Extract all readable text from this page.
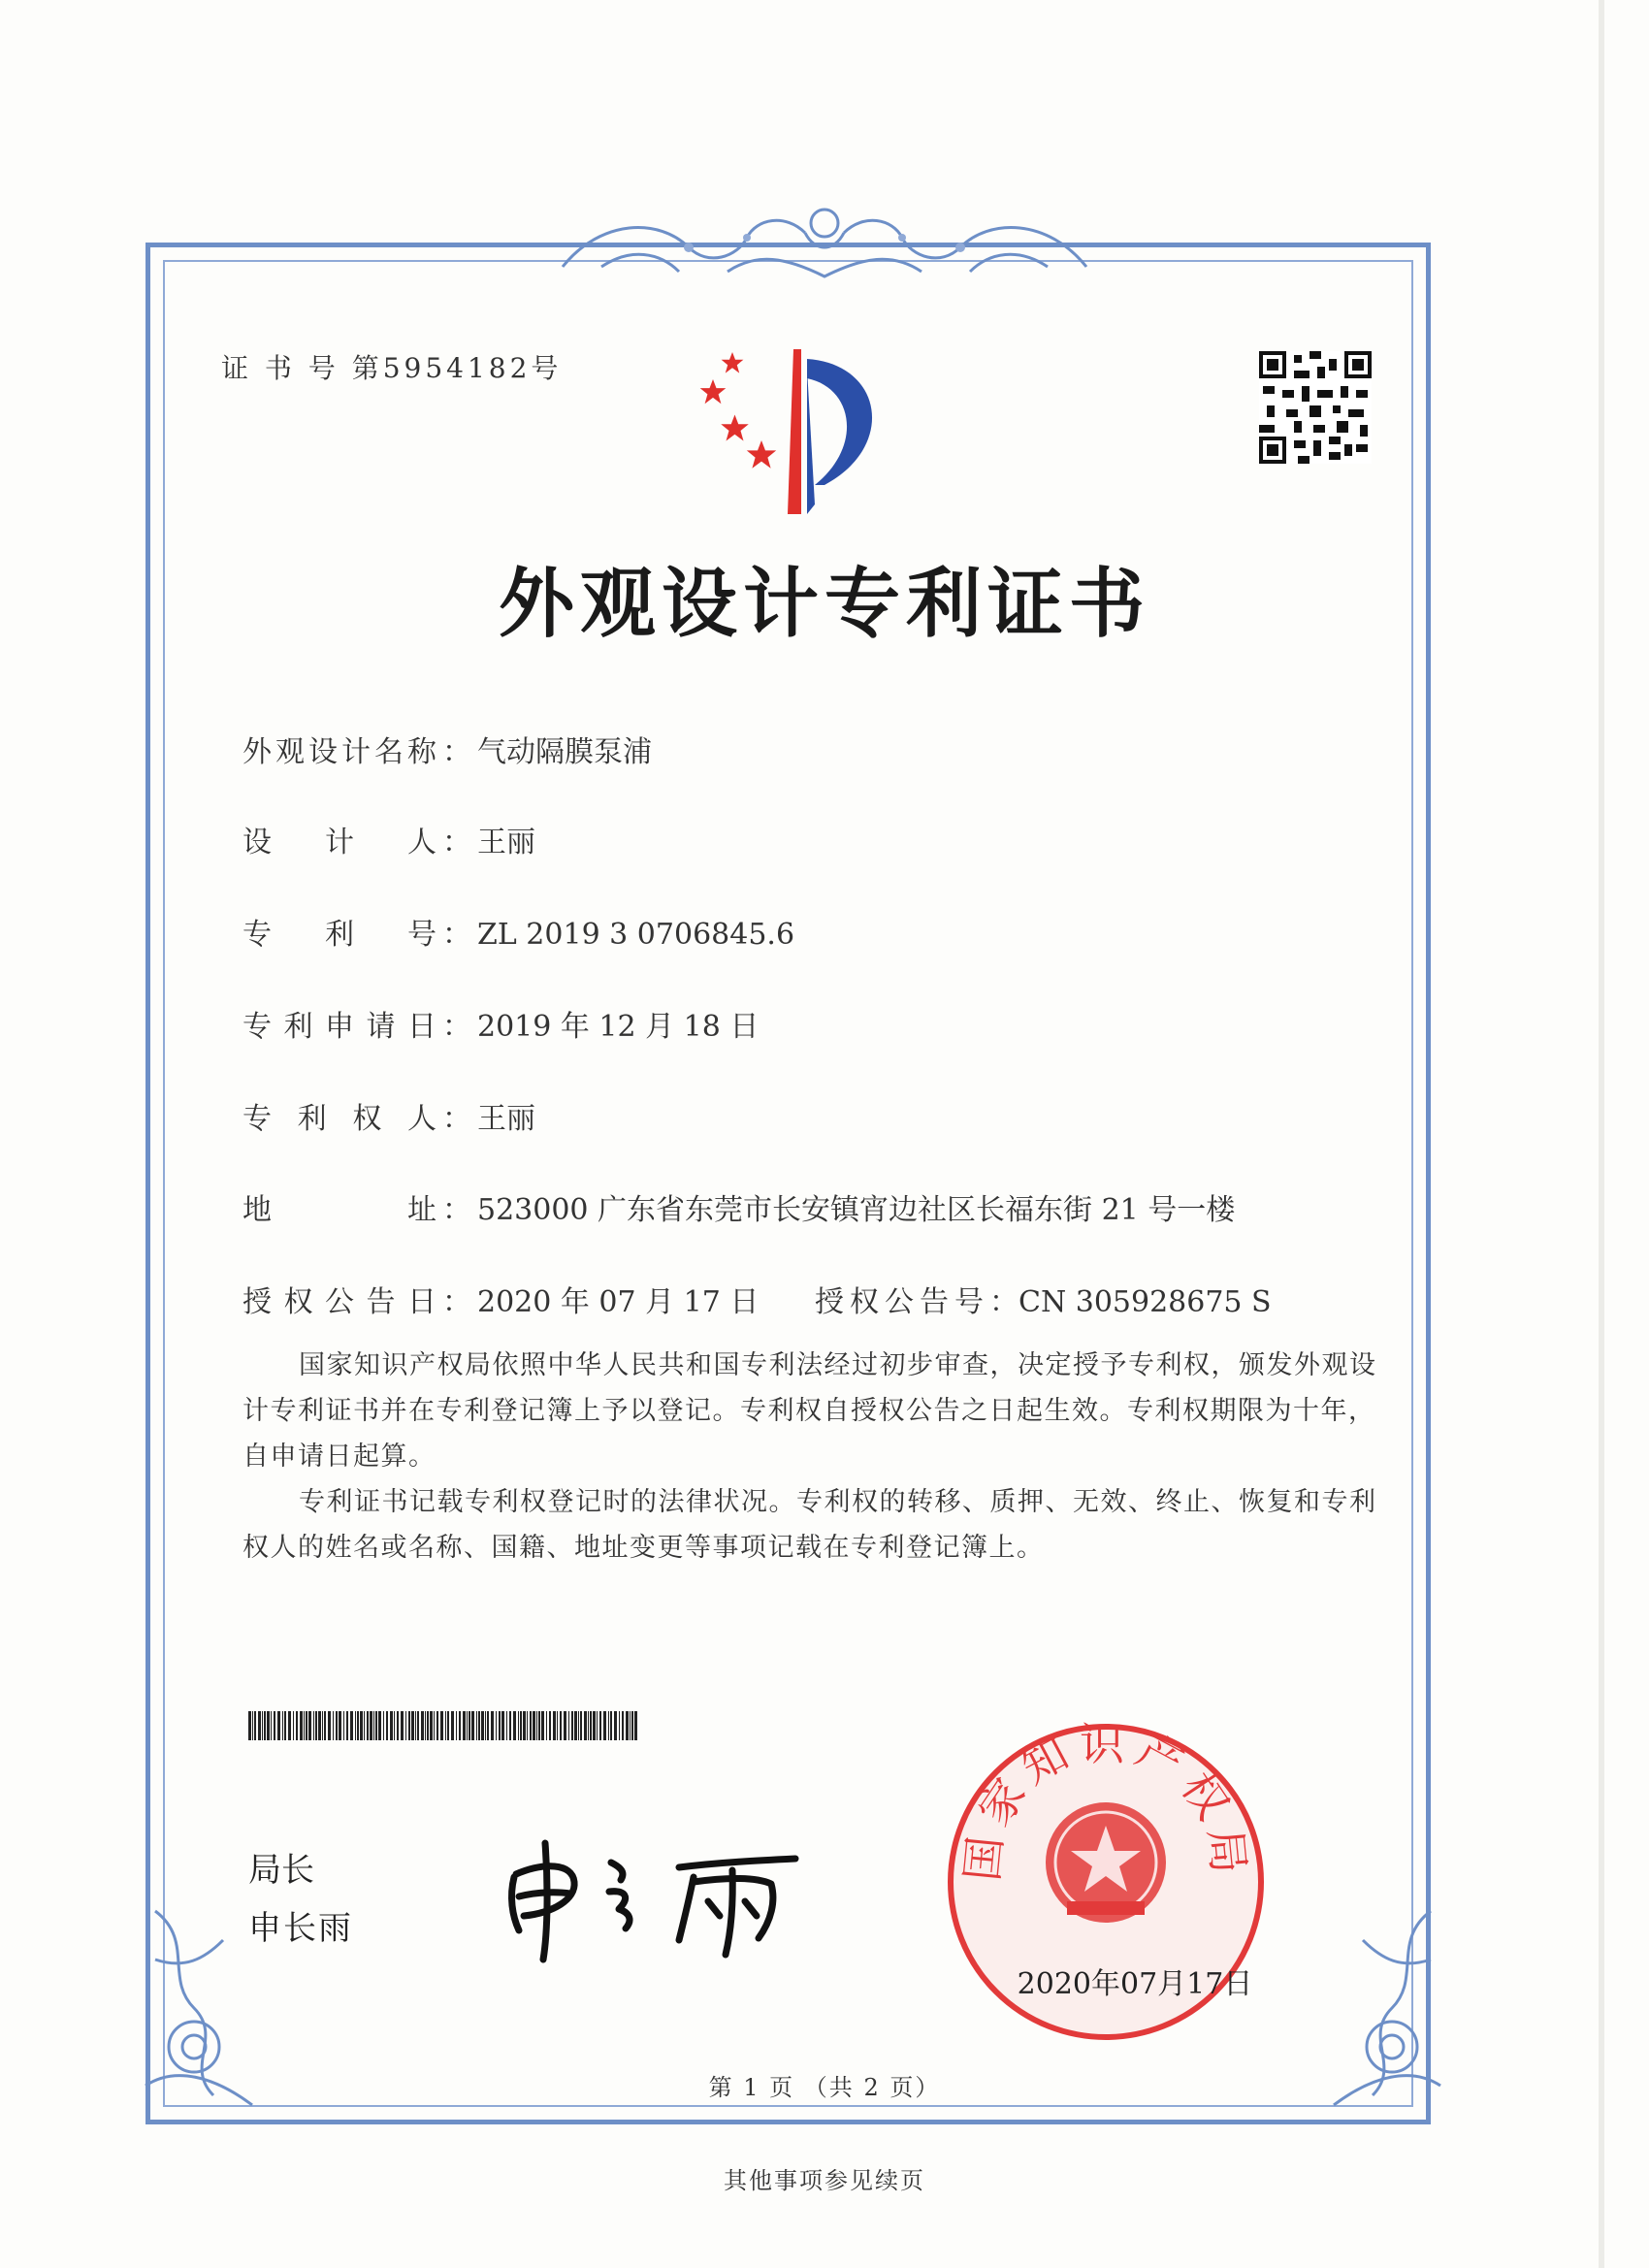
证 书 号 第5954182号
外观设计专利证书
外观设计名称 ： 气动隔膜泵浦
设计人 ： 王丽
专利号 ： ZL 2019 3 0706845.6
专利申请日 ： 2019 年 12 月 18 日
专利权人 ： 王丽
地址 ： 523000 广东省东莞市长安镇宵边社区长福东街 21 号一楼
授权公告日 ： 2020 年 07 月 17 日 授权公告号：CN 305928675 S

国家知识产权局依照中华人民共和国专利法经过初步审查，决定授予专利权，颁发外观设计专利证书并在专利登记簿上予以登记。专利权自授权公告之日起生效。专利权期限为十年，自申请日起算。

专利证书记载专利权登记时的法律状况。专利权的转移、质押、无效、终止、恢复和专利权人的姓名或名称、国籍、地址变更等事项记载在专利登记簿上。

局长
申长雨
国家知识产权局
2020年07月17日
第 1 页 （共 2 页）
其他事项参见续页
